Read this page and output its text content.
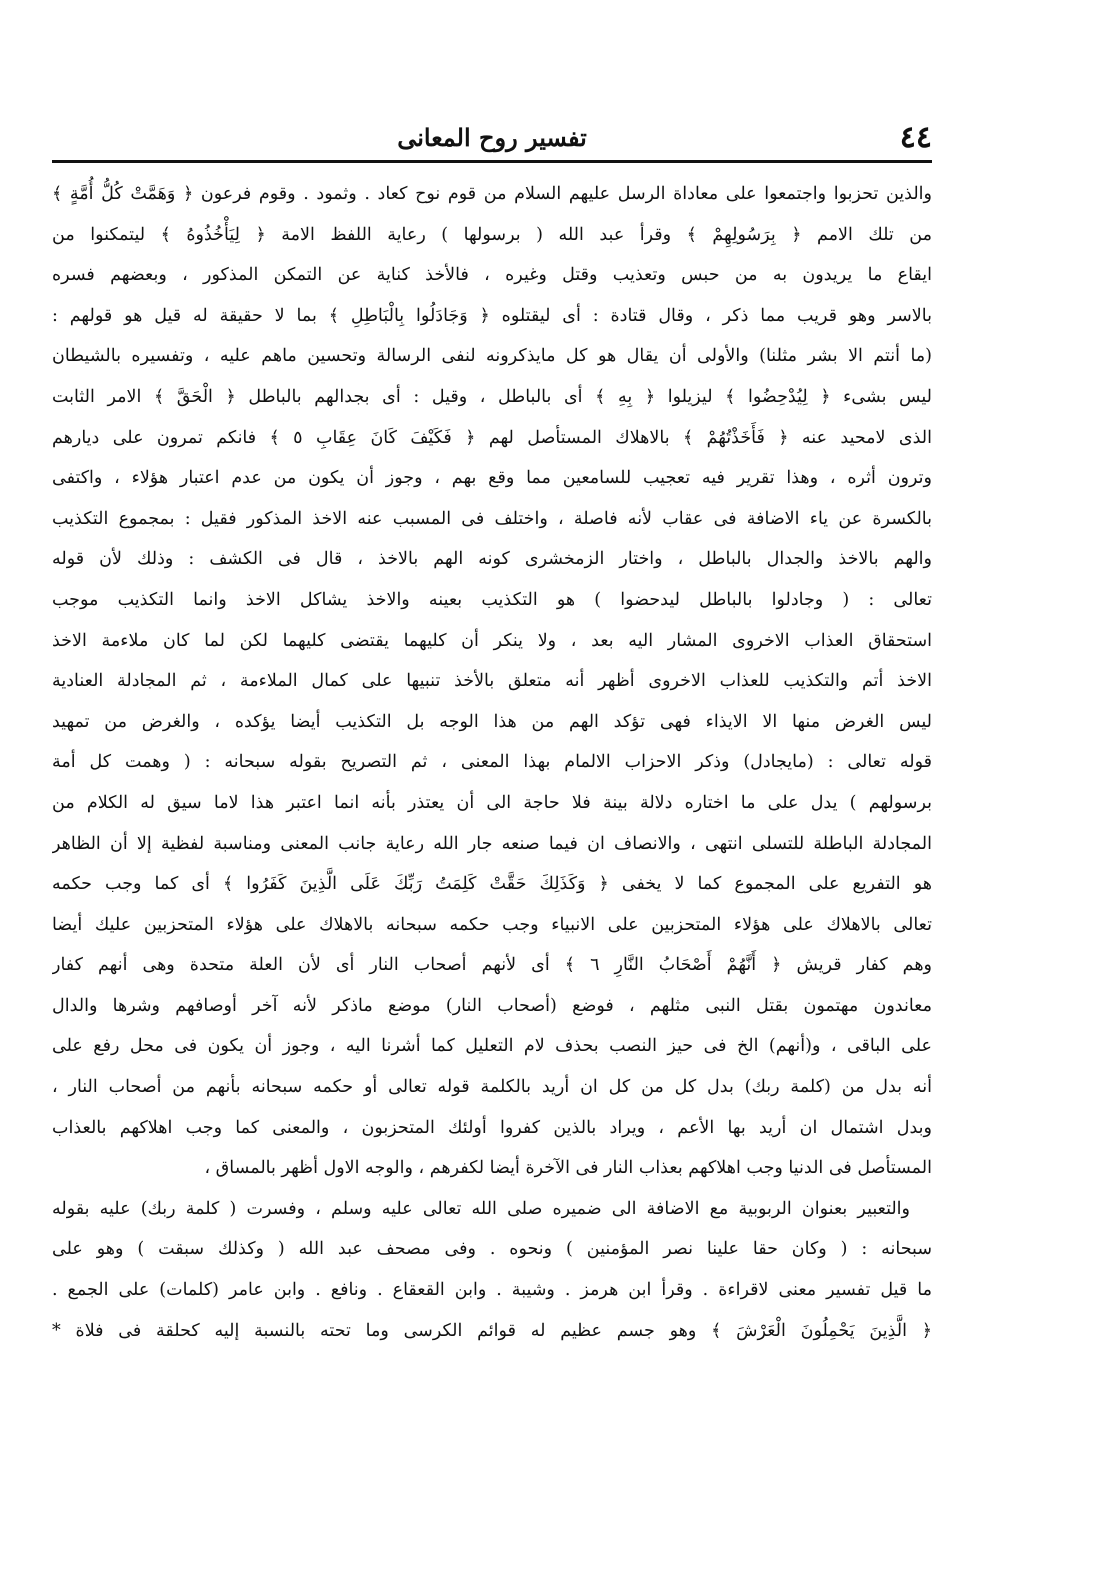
٤٤
تفسير روح المعانى
والذين تحزبوا واجتمعوا على معاداة الرسل عليهم السلام من قوم نوح كعاد . وثمود . وقوم فرعون ﴿ وَهَمَّتْ كُلُّ أُمَّةٍ ﴾
من تلك الامم ﴿ بِرَسُولِهِمْ ﴾ وقرأ عبد الله ( برسولها ) رعاية اللفظ الامة ﴿ لِيَأْخُذُوهُ ﴾ ليتمكنوا من
ايقاع ما يريدون به من حبس وتعذيب وقتل وغيره ، فالأخذ كناية عن التمكن المذكور ، وبعضهم فسره
بالاسر وهو قريب مما ذكر ، وقال قتادة : أى ليقتلوه ﴿ وَجَادَلُوا بِالْبَاطِلِ ﴾ بما لا حقيقة له قيل هو قولهم :
(ما أنتم الا بشر مثلنا) والأولى أن يقال هو كل مايذكرونه لنفى الرسالة وتحسين ماهم عليه ، وتفسيره بالشيطان
ليس بشىء ﴿ لِيُدْحِضُوا ﴾ ليزيلوا ﴿ بِهِ ﴾ أى بالباطل ، وقيل : أى بجدالهم بالباطل ﴿ الْحَقَّ ﴾ الامر الثابت
الذى لامحيد عنه ﴿ فَأَخَذْتُهُمْ ﴾ بالاهلاك المستأصل لهم ﴿ فَكَيْفَ كَانَ عِقَابِ ٥ ﴾ فانكم تمرون على ديارهم
وترون أثره ، وهذا تقرير فيه تعجيب للسامعين مما وقع بهم ، وجوز أن يكون من عدم اعتبار هؤلاء ، واكتفى
بالكسرة عن ياء الاضافة فى عقاب لأنه فاصلة ، واختلف فى المسبب عنه الاخذ المذكور فقيل : بمجموع التكذيب
والهم بالاخذ والجدال بالباطل ، واختار الزمخشرى كونه الهم بالاخذ ، قال فى الكشف : وذلك لأن قوله
تعالى : ( وجادلوا بالباطل ليدحضوا ) هو التكذيب بعينه والاخذ يشاكل الاخذ وانما التكذيب موجب
استحقاق العذاب الاخروى المشار اليه بعد ، ولا ينكر أن كليهما يقتضى كليهما لكن لما كان ملاءمة الاخذ
الاخذ أتم والتكذيب للعذاب الاخروى أظهر أنه متعلق بالأخذ تنبيها على كمال الملاءمة ، ثم المجادلة العنادية
ليس الغرض منها الا الايذاء فهى تؤكد الهم من هذا الوجه بل التكذيب أيضا يؤكده ، والغرض من تمهيد
قوله تعالى : (مايجادل) وذكر الاحزاب الالمام بهذا المعنى ، ثم التصريح بقوله سبحانه : ( وهمت كل أمة
برسولهم ) يدل على ما اختاره دلالة بينة فلا حاجة الى أن يعتذر بأنه انما اعتبر هذا لاما سيق له الكلام من
المجادلة الباطلة للتسلى انتهى ، والانصاف ان فيما صنعه جار الله رعاية جانب المعنى ومناسبة لفظية إلا أن الظاهر
هو التفريع على المجموع كما لا يخفى ﴿ وَكَذَلِكَ حَقَّتْ كَلِمَتُ رَبِّكَ عَلَى الَّذِينَ كَفَرُوا ﴾ أى كما وجب حكمه
تعالى بالاهلاك على هؤلاء المتحزبين على الانبياء وجب حكمه سبحانه بالاهلاك على هؤلاء المتحزبين عليك أيضا
وهم كفار قريش ﴿ أَنَّهُمْ أَصْحَابُ النَّارِ ٦ ﴾ أى لأنهم أصحاب النار أى لأن العلة متحدة وهى أنهم كفار
معاندون مهتمون بقتل النبى مثلهم ، فوضع (أصحاب النار) موضع ماذكر لأنه آخر أوصافهم وشرها والدال
على الباقى ، و(أنهم) الخ فى حيز النصب بحذف لام التعليل كما أشرنا اليه ، وجوز أن يكون فى محل رفع على
أنه بدل من (كلمة ربك) بدل كل من كل ان أريد بالكلمة قوله تعالى أو حكمه سبحانه بأنهم من أصحاب النار ،
وبدل اشتمال ان أريد بها الأعم ، ويراد بالذين كفروا أولئك المتحزبون ، والمعنى كما وجب اهلاكهم بالعذاب
المستأصل فى الدنيا وجب اهلاكهم بعذاب النار فى الآخرة أيضا لكفرهم ، والوجه الاول أظهر بالمساق ،
والتعبير بعنوان الربوبية مع الاضافة الى ضميره صلى الله تعالى عليه وسلم ، وفسرت ( كلمة ربك) عليه بقوله
سبحانه : ( وكان حقا علينا نصر المؤمنين ) ونحوه . وفى مصحف عبد الله ( وكذلك سبقت ) وهو على
ما قيل تفسير معنى لاقراءة . وقرأ ابن هرمز . وشيبة . وابن القعقاع . ونافع . وابن عامر (كلمات) على الجمع .
﴿ الَّذِينَ يَحْمِلُونَ الْعَرْشَ ﴾ وهو جسم عظيم له قوائم الكرسى وما تحته بالنسبة إليه كحلقة فى فلاة *
